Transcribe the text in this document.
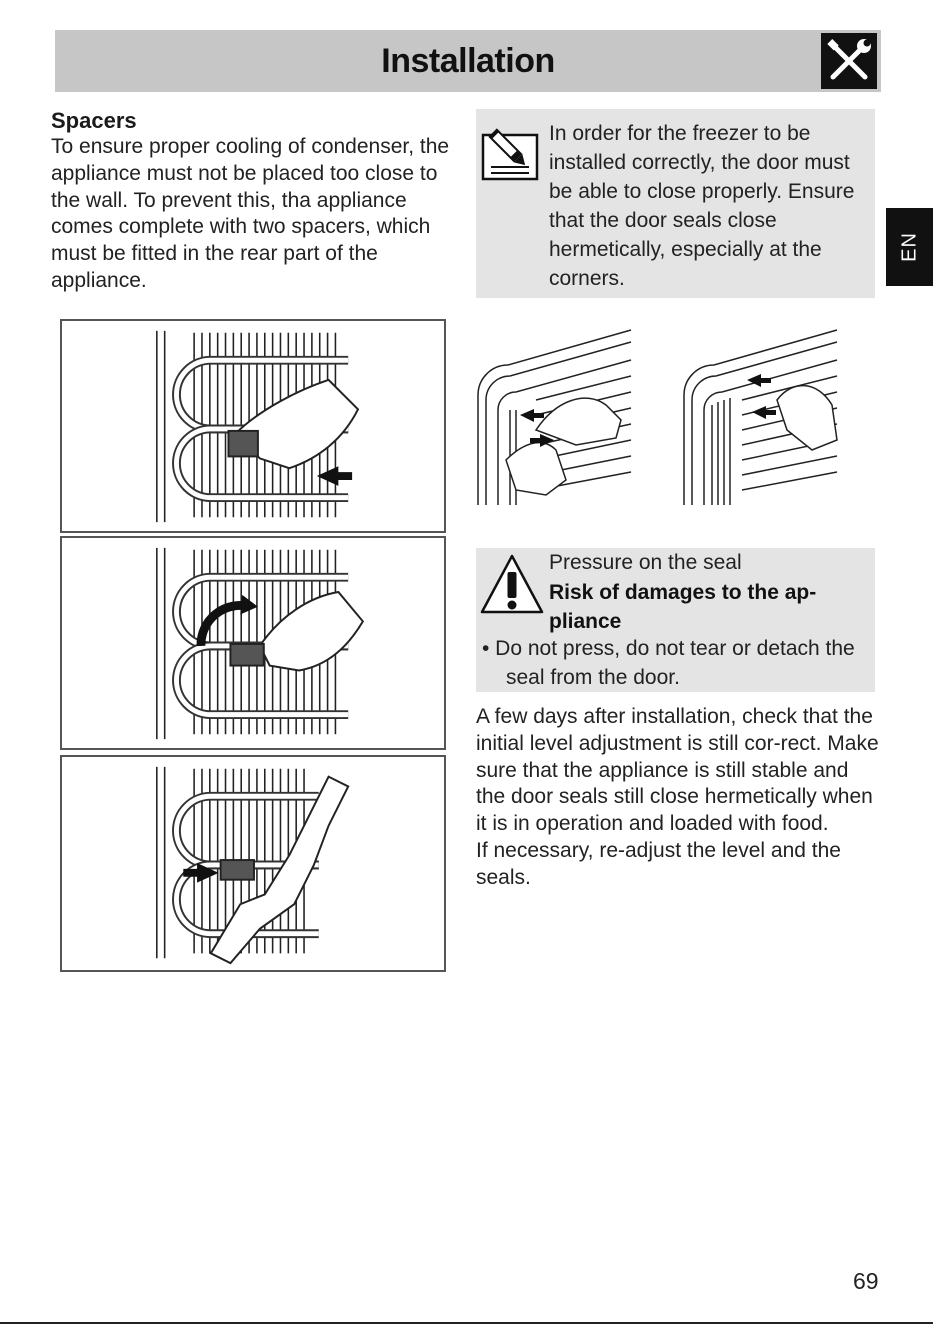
Installation
EN
Spacers
To ensure proper cooling of condenser, the appliance must not be placed too close to the wall. To prevent this, tha appliance comes complete with two spacers, which must be fitted in the rear part of the appliance.
In order for the freezer to be installed correctly, the door must be able to close properly. Ensure that the door seals close hermetically, especially at the corners.
Pressure on the seal
Risk of damages to the ap-pliance
• Do not press, do not tear or detach the seal from the door.

A few days after installation, check that the initial level adjustment is still cor-rect. Make sure that the appliance is still stable and the door seals still close hermetically when it is in operation and loaded with food.

If necessary, re-adjust the level and the seals.

69
